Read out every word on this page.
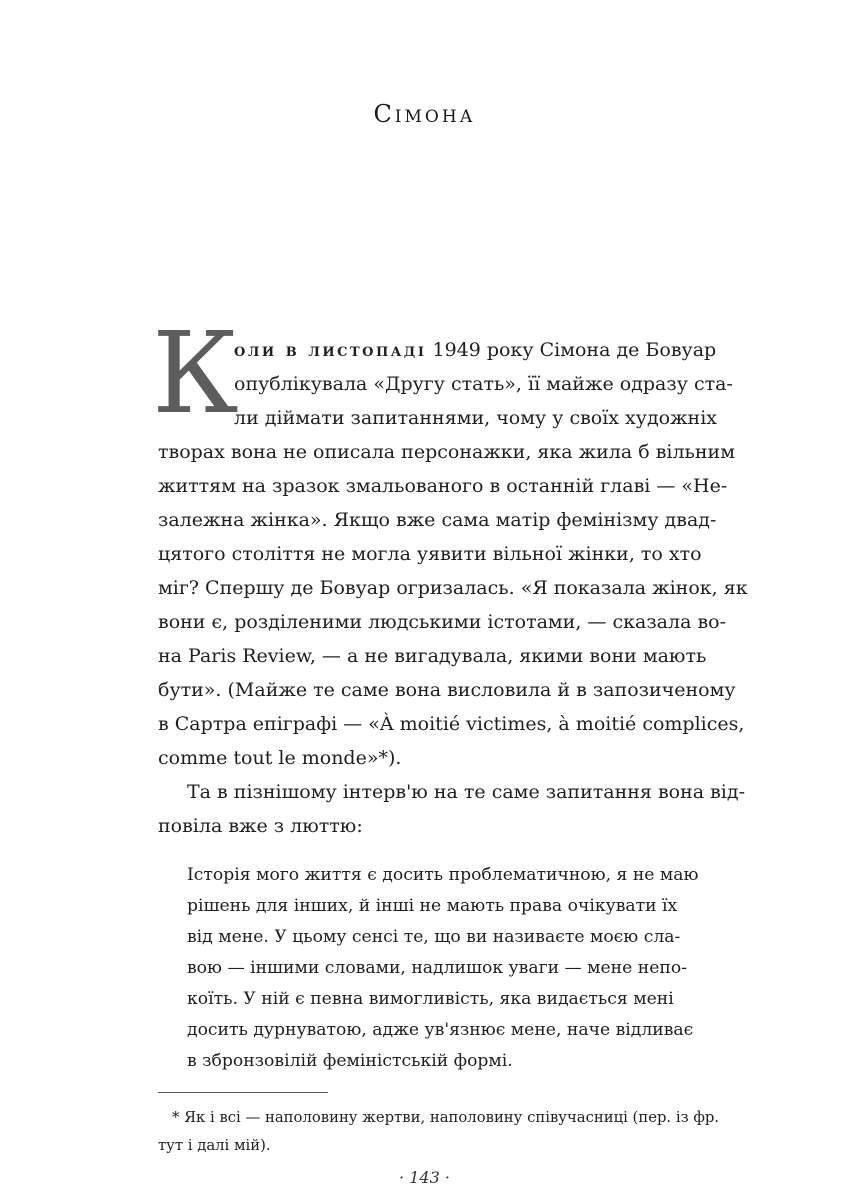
Сімона
К
оли в листопаді 1949 року Сімона де Бовуар
опублікувала «Другу стать», її майже одразу ста-
ли діймати запитаннями, чому у своїх художніх
творах вона не описала персонажки, яка жила б вільним
життям на зразок змальованого в останній главі — «Не-
залежна жінка». Якщо вже сама матір фемінізму двад-
цятого століття не могла уявити вільної жінки, то хто
міг? Спершу де Бовуар огризалась. «Я показала жінок, як
вони є, розділеними людськими істотами, — сказала во-
на Paris Review, — а не вигадувала, якими вони мають
бути». (Майже те саме вона висловила й в запозиченому
в Сартра епіграфі — «À moitié victimes, à moitié complices,
comme tout le monde»*).
Та в пізнішому інтерв'ю на те саме запитання вона від-
повіла вже з люттю:
Історія мого життя є досить проблематичною, я не маю
рішень для інших, й інші не мають права очікувати їх
від мене. У цьому сенсі те, що ви називаєте моєю сла-
вою — іншими словами, надлишок уваги — мене непо-
коїть. У ній є певна вимогливість, яка видається мені
досить дурнуватою, адже ув'язнює мене, наче відливає
в збронзовілій феміністській формі.
* Як і всі — наполовину жертви, наполовину співучасниці (пер. із фр.
тут і далі мій).
· 143 ·
